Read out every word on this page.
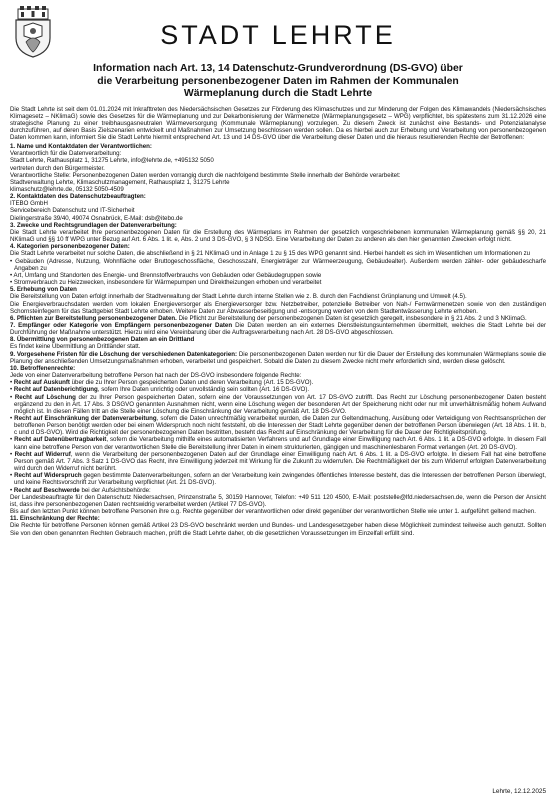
STADT LEHRTE
Information nach Art. 13, 14 Datenschutz-Grundverordnung (DS-GVO) über
die Verarbeitung personenbezogener Daten im Rahmen der Kommunalen
Wärmeplanung durch die Stadt Lehrte

Die Stadt Lehrte ist seit dem 01.01.2024 mit Inkrafttreten des Niedersächsischen Gesetzes zur Förderung des Klimaschutzes und zur Minderung der Folgen des Klimawandels (Niedersächsisches Klimagesetz – NKlimaG) sowie des Gesetzes für die Wärmeplanung und zur Dekarbonisierung der Wärmenetze (Wärmeplanungsgesetz – WPG) verpflichtet, bis spätestens zum 31.12.2026 eine strategische Planung zu einer treibhausgasneutralen Wärmeversorgung (Kommunale Wärmeplanung) vorzulegen. Zu diesem Zweck ist zunächst eine Bestands- und Potenzialanalyse durchzuführen, auf deren Basis Zielszenarien entwickelt und Maßnahmen zur Umsetzung beschlossen werden sollen. Da es hierbei auch zur Erhebung und Verarbeitung von personenbezogenen Daten kommen kann, informiert Sie die Stadt Lehrte hiermit entsprechend Art. 13 und 14 DS-GVO über die Verarbeitung dieser Daten und die hieraus resultierenden Rechte der Betroffenen:

1. Name und Kontaktdaten der Verantwortlichen:

Verantwortlich für die Datenverarbeitung:

Stadt Lehrte, Rathausplatz 1, 31275 Lehrte, info@lehrte.de, +495132 5050

vertreten durch den Bürgermeister.

Verantwortliche Stelle: Personenbezogenen Daten werden vorrangig durch die nachfolgend bestimmte Stelle innerhalb der Behörde verarbeitet:

Stadtverwaltung Lehrte, Klimaschutzmanagement, Rathausplatz 1, 31275 Lehrte

klimaschutz@lehrte.de, 05132 5050-4509

2. Kontaktdaten des Datenschutzbeauftragten:

ITEBO GmbH

Servicebereich Datenschutz und IT-Sicherheit

Dielingerstraße 39/40, 49074 Osnabrück, E-Mail: dsb@itebo.de

3. Zwecke und Rechtsgrundlagen der Datenverarbeitung:

Die Stadt Lehrte verarbeitet Ihre personenbezogenen Daten für die Erstellung des Wärmeplans im Rahmen der gesetzlich vorgeschriebenen kommunalen Wärmeplanung gemäß §§ 20, 21 NKlimaG und §§ 10 ff WPG unter Bezug auf Art. 6 Abs. 1 lit. e, Abs. 2 und 3 DS-GVO, § 3 NDSG. Eine Verarbeitung der Daten zu anderen als den hier genannten Zwecken erfolgt nicht.

4. Kategorien personenbezogener Daten:

Die Stadt Lehrte verarbeitet nur solche Daten, die abschließend in § 21 NKlimaG und in Anlage 1 zu § 15 des WPG genannt sind. Hierbei handelt es sich im Wesentlichen um Informationen zu

• Gebäuden (Adresse, Nutzung, Wohnfläche oder Bruttogeschossfläche, Geschosszahl, Energieträger zur Wärmeerzeugung, Gebäudealter). Außerdem werden zähler- oder gebäudescharfe Angaben zu

• Art, Umfang und Standorten des Energie- und Brennstoffverbrauchs von Gebäuden oder Gebäudegruppen sowie

• Stromverbrauch zu Heizzwecken, insbesondere für Wärmepumpen und Direktheizungen erhoben und verarbeitet

5. Erhebung von Daten

Die Bereitstellung von Daten erfolgt innerhalb der Stadtverwaltung der Stadt Lehrte durch interne Stellen wie z. B. durch den Fachdienst Grünplanung und Umwelt (4.5).

Die Energieverbrauchsdaten werden vom lokalen Energieversorger als Energieversorger bzw. Netzbetreiber, potenzielle Betreiber von Nah-/ Fernwärmenetzen sowie von den zuständigen Schornsteinfegern für das Stadtgebiet Stadt Lehrte erhoben. Weitere Daten zur Abwasserbeseitigung und -entsorgung werden von dem Stadtentwässerung Lehrte erhoben.

6. Pflichten zur Bereitstellung personenbezogener Daten. Die Pflicht zur Bereitstellung der personenbezogenen Daten ist gesetzlich geregelt, insbesondere in § 21 Abs. 2 und 3 NKlimaG.

7. Empfänger oder Kategorie von Empfängern personenbezogener Daten Die Daten werden an ein externes Dienstleistungsunternehmen übermittelt, welches die Stadt Lehrte bei der Durchführung der Maßnahme unterstützt. Hierzu wird eine Vereinbarung über die Auftragsverarbeitung nach Art. 28 DS-GVO abgeschlossen.

8. Übermittlung von personenbezogenen Daten an ein Drittland

Es findet keine Übermittlung an Drittländer statt.

9. Vorgesehene Fristen für die Löschung der verschiedenen Datenkategorien: Die personenbezogenen Daten werden nur für die Dauer der Erstellung des kommunalen Wärmeplans sowie die Planung der anschließenden Umsetzungsmaßnahmen erhoben, verarbeitet und gespeichert. Sobald die Daten zu diesem Zwecke nicht mehr erforderlich sind, werden diese gelöscht.

10. Betroffenenrechte:

Jede von einer Datenverarbeitung betroffene Person hat nach der DS-GVO insbesondere folgende Rechte:

• Recht auf Auskunft über die zu Ihrer Person gespeicherten Daten und deren Verarbeitung (Art. 15 DS-GVO).

• Recht auf Datenberichtigung, sofern Ihre Daten unrichtig oder unvollständig sein sollten (Art. 16 DS-GVO).

• Recht auf Löschung der zu Ihrer Person gespeicherten Daten, sofern eine der Voraussetzungen von Art. 17 DS-GVO zutrifft. Das Recht zur Löschung personenbezogener Daten besteht ergänzend zu den in Art. 17 Abs. 3 DSGVO genannten Ausnahmen nicht, wenn eine Löschung wegen der besonderen Art der Speicherung nicht oder nur mit unverhältnismäßig hohem Aufwand möglich ist. In diesen Fällen tritt an die Stelle einer Löschung die Einschränkung der Verarbeitung gemäß Art. 18 DS-GVO.

• Recht auf Einschränkung der Datenverarbeitung, sofern die Daten unrechtmäßig verarbeitet wurden, die Daten zur Geltendmachung, Ausübung oder Verteidigung von Rechtsansprüchen der betroffenen Person benötigt werden oder bei einem Widerspruch noch nicht feststeht, ob die Interessen der Stadt Lehrte gegenüber denen der betroffenen Person überwiegen (Art. 18 Abs. 1 lit. b, c und d DS-GVO). Wird die Richtigkeit der personenbezogenen Daten bestritten, besteht das Recht auf Einschränkung der Verarbeitung für die Dauer der Richtigkeitsprüfung.

• Recht auf Datenübertragbarkeit, sofern die Verarbeitung mithilfe eines automatisierten Verfahrens und auf Grundlage einer Einwilligung nach Art. 6 Abs. 1 lit. a DS-GVO erfolgte. In diesem Fall kann eine betroffene Person von der verantwortlichen Stelle die Bereitstellung ihrer Daten in einem strukturierten, gängigen und maschinenlesbaren Format verlangen (Art. 20 DS-GVO).

• Recht auf Widerruf, wenn die Verarbeitung der personenbezogenen Daten auf der Grundlage einer Einwilligung nach Art. 6 Abs. 1 lit. a DS-GVO erfolgte. In diesem Fall hat eine betroffene Person gemäß Art. 7 Abs. 3 Satz 1 DS-GVO das Recht, ihre Einwilligung jederzeit mit Wirkung für die Zukunft zu widerrufen. Die Rechtmäßigkeit der bis zum Widerruf erfolgten Datenverarbeitung wird durch den Widerruf nicht berührt.

• Recht auf Widerspruch gegen bestimmte Datenverarbeitungen, sofern an der Verarbeitung kein zwingendes öffentliches Interesse besteht, das die Interessen der betroffenen Person überwiegt, und keine Rechtsvorschrift zur Verarbeitung verpflichtet (Art. 21 DS-GVO).

• Recht auf Beschwerde bei der Aufsichtsbehörde:

Der Landesbeauftragte für den Datenschutz Niedersachsen, Prinzenstraße 5, 30159 Hannover, Telefon: +49 511 120 4500, E-Mail: poststelle@lfd.niedersachsen.de, wenn die Person der Ansicht ist, dass ihre personenbezogenen Daten rechtswidrig verarbeitet werden (Artikel 77 DS-GVO).

Bis auf den letzten Punkt können betroffene Personen ihre o.g. Rechte gegenüber der verantwortlichen oder direkt gegenüber der verantwortlichen Stelle wie unter 1. aufgeführt geltend machen.

11. Einschränkung der Rechte:

Die Rechte für betroffene Personen können gemäß Artikel 23 DS-GVO beschränkt werden und Bundes- und Landesgesetzgeber haben diese Möglichkeit zumindest teilweise auch genutzt. Sollten Sie von den oben genannten Rechten Gebrauch machen, prüft die Stadt Lehrte daher, ob die gesetzlichen Voraussetzungen im Einzelfall erfüllt sind.

Lehrte, 12.12.2025
